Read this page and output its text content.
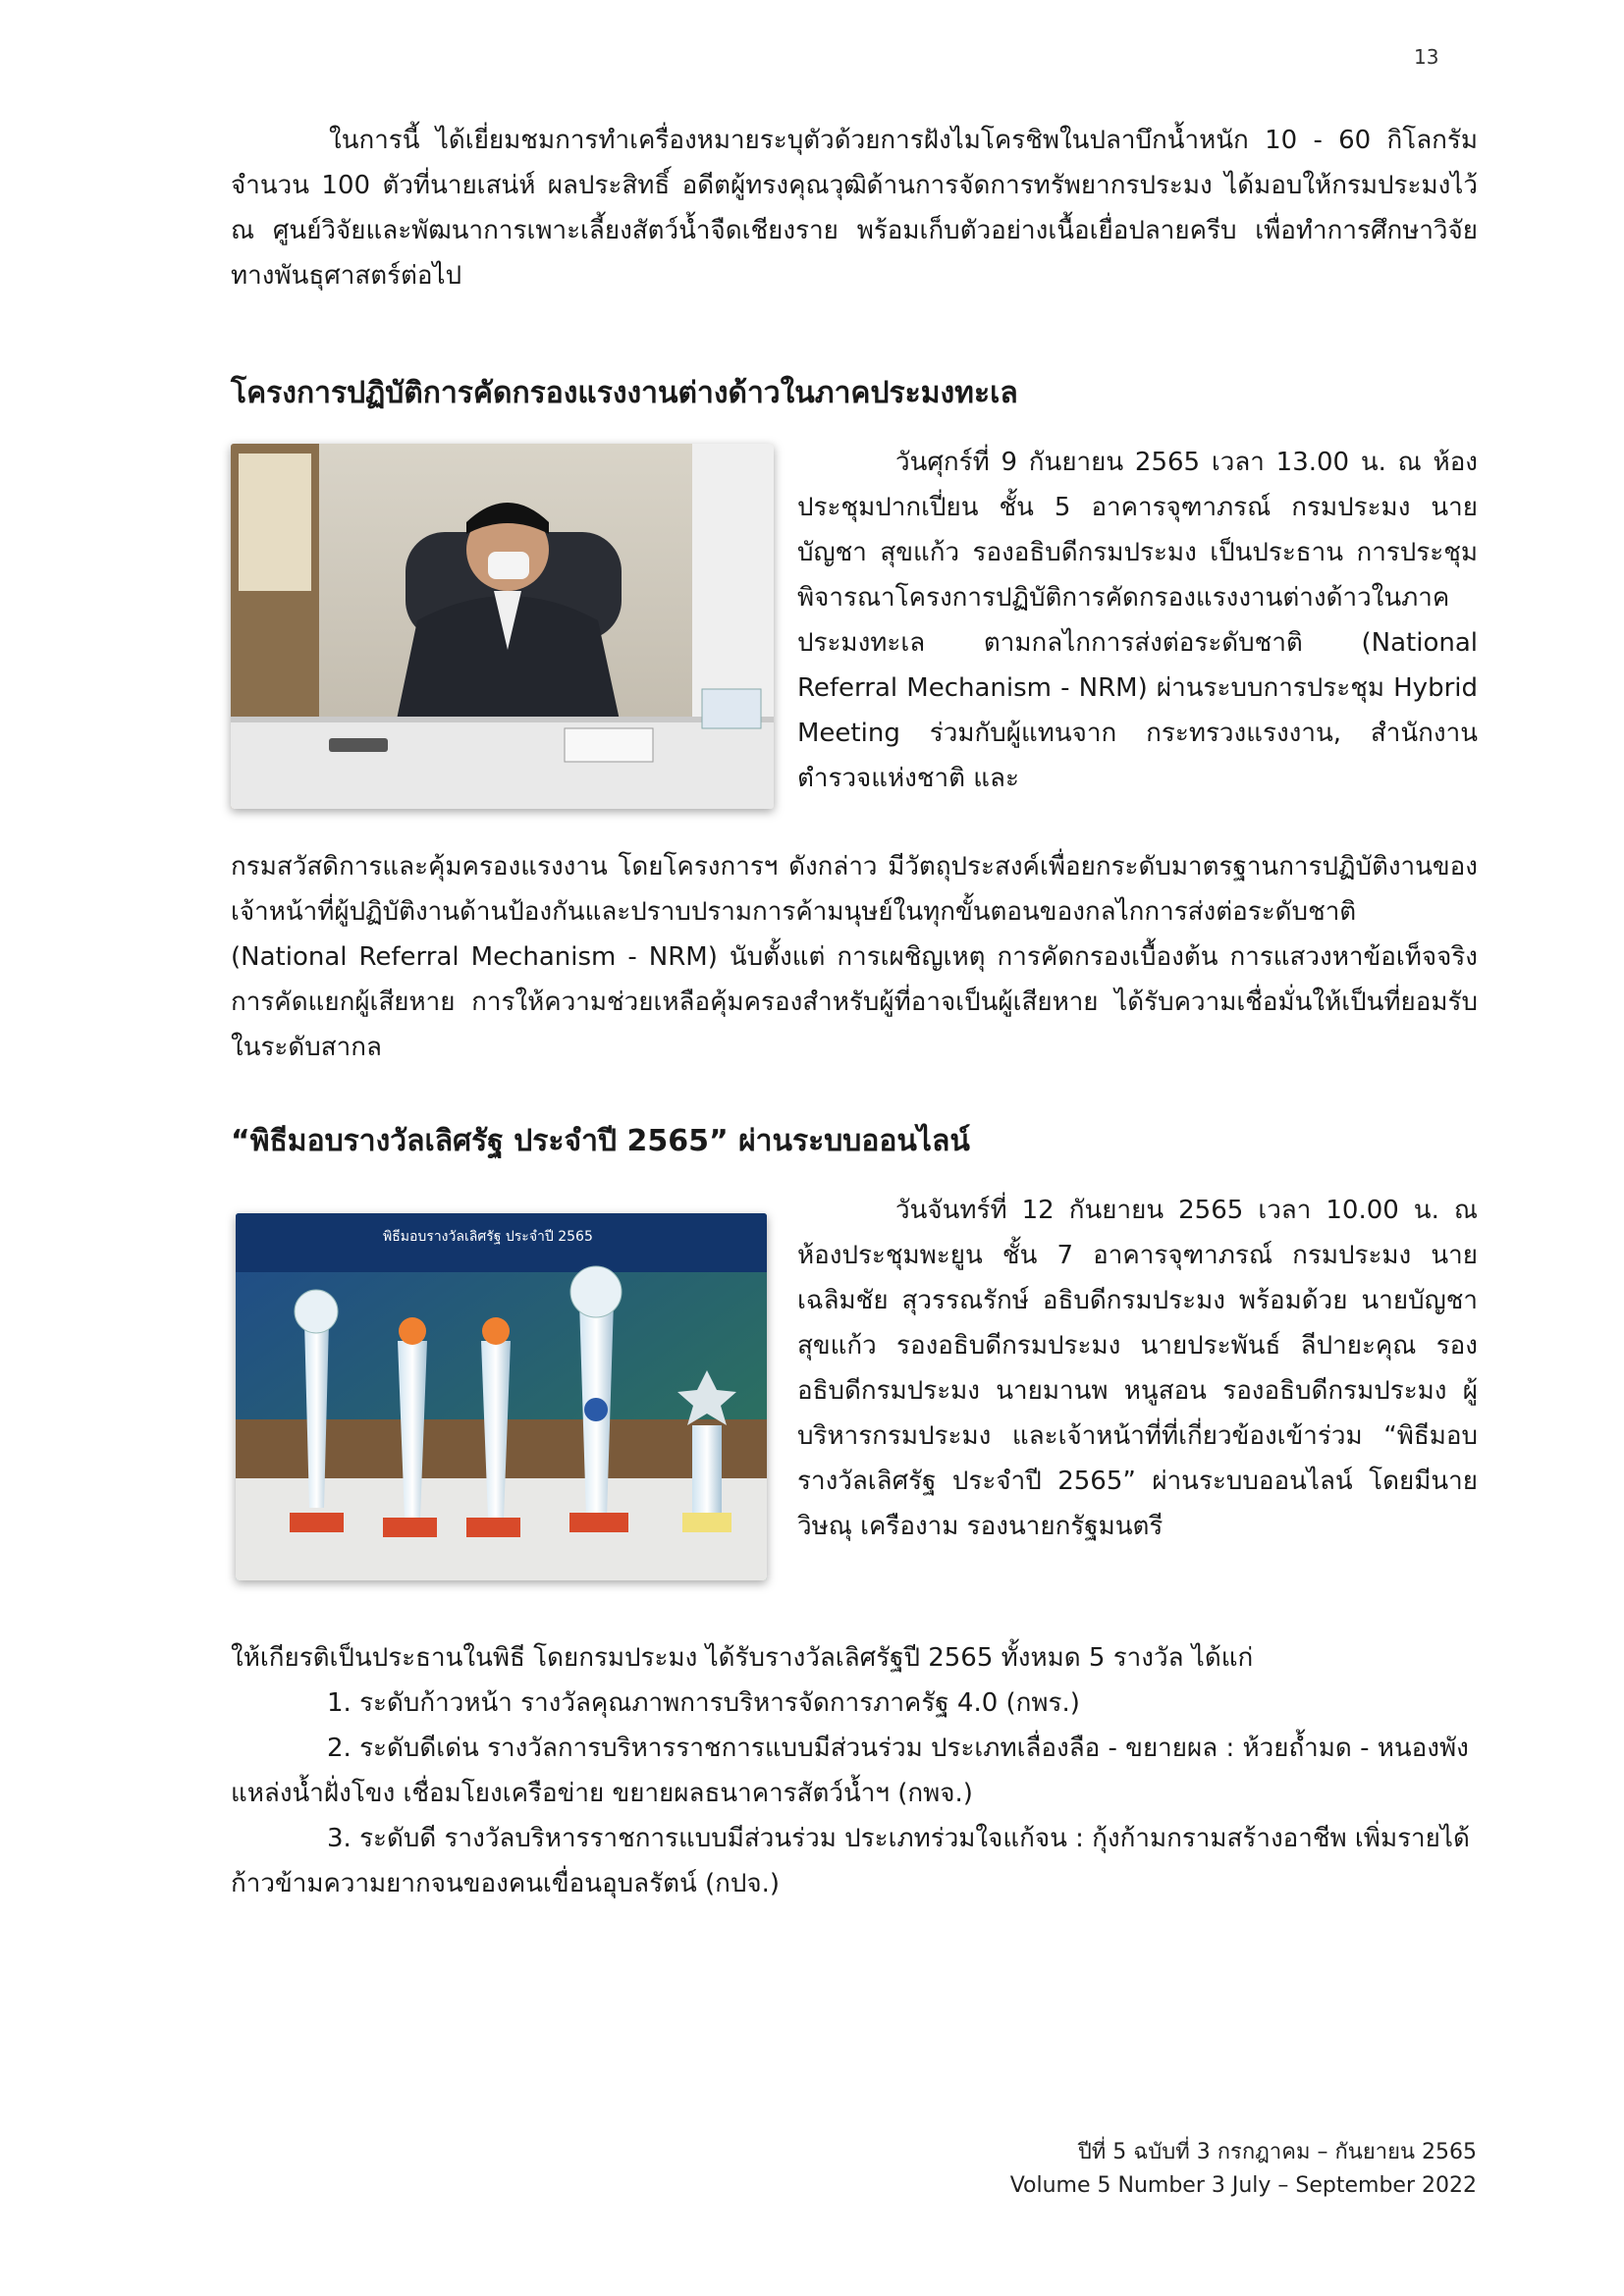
13

ในการนี้ ได้เยี่ยมชมการทำเครื่องหมายระบุตัวด้วยการฝังไมโครชิพในปลาบึกน้ำหนัก 10 - 60 กิโลกรัม จำนวน 100 ตัวที่นายเสน่ห์ ผลประสิทธิ์ อดีตผู้ทรงคุณวุฒิด้านการจัดการทรัพยากรประมง ได้มอบให้กรมประมงไว้ ณ ศูนย์วิจัยและพัฒนาการเพาะเลี้ยงสัตว์น้ำจืดเชียงราย พร้อมเก็บตัวอย่างเนื้อเยื่อปลายครีบ เพื่อทำการศึกษาวิจัยทางพันธุศาสตร์ต่อไป

โครงการปฏิบัติการคัดกรองแรงงานต่างด้าวในภาคประมงทะเล

วันศุกร์ที่ 9 กันยายน 2565 เวลา 13.00 น. ณ ห้องประชุมปากเปี่ยน ชั้น 5 อาคารจุฑาภรณ์ กรมประมง นายบัญชา สุขแก้ว รองอธิบดีกรมประมง เป็นประธาน การประชุมพิจารณาโครงการปฏิบัติการคัดกรองแรงงานต่างด้าวในภาคประมงทะเล ตามกลไกการส่งต่อระดับชาติ (National Referral Mechanism - NRM) ผ่านระบบการประชุม Hybrid Meeting ร่วมกับผู้แทนจาก กระทรวงแรงงาน, สำนักงานตำรวจแห่งชาติ และ

กรมสวัสดิการและคุ้มครองแรงงาน โดยโครงการฯ ดังกล่าว มีวัตถุประสงค์เพื่อยกระดับมาตรฐานการปฏิบัติงานของเจ้าหน้าที่ผู้ปฏิบัติงานด้านป้องกันและปราบปรามการค้ามนุษย์ในทุกขั้นตอนของกลไกการส่งต่อระดับชาติ (National Referral Mechanism - NRM) นับตั้งแต่ การเผชิญเหตุ การคัดกรองเบื้องต้น การแสวงหาข้อเท็จจริง การคัดแยกผู้เสียหาย การให้ความช่วยเหลือคุ้มครองสำหรับผู้ที่อาจเป็นผู้เสียหาย ได้รับความเชื่อมั่นให้เป็นที่ยอมรับในระดับสากล

“พิธีมอบรางวัลเลิศรัฐ ประจำปี 2565” ผ่านระบบออนไลน์
พิธีมอบรางวัลเลิศรัฐ ประจำปี 2565

วันจันทร์ที่ 12 กันยายน 2565 เวลา 10.00 น. ณ ห้องประชุมพะยูน ชั้น 7 อาคารจุฑาภรณ์ กรมประมง นายเฉลิมชัย สุวรรณรักษ์ อธิบดีกรมประมง พร้อมด้วย นายบัญชา สุขแก้ว รองอธิบดีกรมประมง นายประพันธ์ ลีปายะคุณ รองอธิบดีกรมประมง นายมานพ หนูสอน รองอธิบดีกรมประมง ผู้บริหารกรมประมง และเจ้าหน้าที่ที่เกี่ยวข้องเข้าร่วม “พิธีมอบรางวัลเลิศรัฐ ประจำปี 2565” ผ่านระบบออนไลน์ โดยมีนายวิษณุ เครืองาม รองนายกรัฐมนตรี

ให้เกียรติเป็นประธานในพิธี โดยกรมประมง ได้รับรางวัลเลิศรัฐปี 2565 ทั้งหมด 5 รางวัล ได้แก่

1. ระดับก้าวหน้า รางวัลคุณภาพการบริหารจัดการภาครัฐ 4.0 (กพร.)

2. ระดับดีเด่น รางวัลการบริหารราชการแบบมีส่วนร่วม ประเภทเลื่องลือ - ขยายผล : ห้วยถ้ำมด - หนองพัง แหล่งน้ำฝั่งโขง เชื่อมโยงเครือข่าย ขยายผลธนาคารสัตว์น้ำฯ (กพจ.)

3. ระดับดี รางวัลบริหารราชการแบบมีส่วนร่วม ประเภทร่วมใจแก้จน : กุ้งก้ามกรามสร้างอาชีพ เพิ่มรายได้ ก้าวข้ามความยากจนของคนเขื่อนอุบลรัตน์ (กปจ.)

ปีที่ 5 ฉบับที่ 3 กรกฎาคม – กันยายน 2565
Volume 5 Number 3 July – September 2022
